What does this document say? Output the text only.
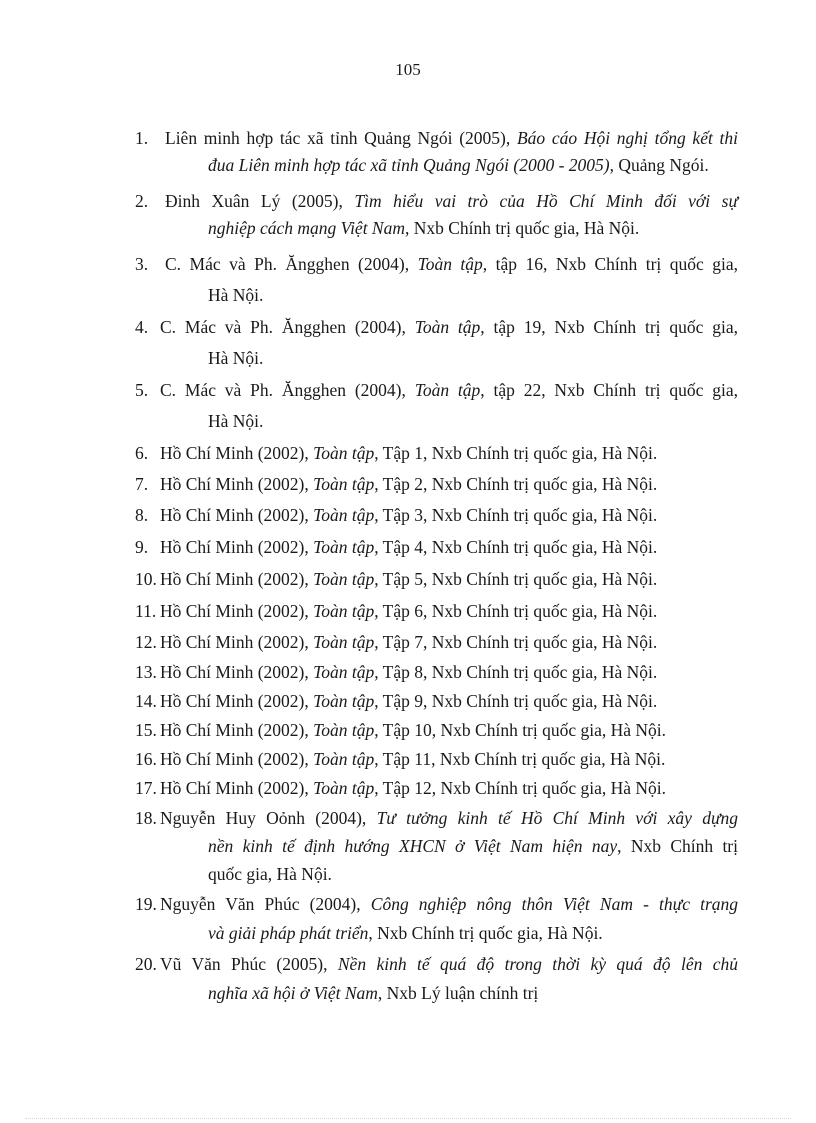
105
1. Liên minh hợp tác xã tỉnh Quảng Ngói (2005), Báo cáo Hội nghị tổng kết thi
đua Liên minh hợp tác xã tỉnh Quảng Ngói (2000 - 2005), Quảng Ngói.
2. Đinh Xuân Lý (2005), Tìm hiểu vai trò của Hồ Chí Minh đối với sự
nghiệp cách mạng Việt Nam, Nxb Chính trị quốc gia, Hà Nội.
3. C. Mác và Ph. Ăngghen (2004), Toàn tập, tập 16, Nxb Chính trị quốc gia,
Hà Nội.
4. C. Mác và Ph. Ăngghen (2004), Toàn tập, tập 19, Nxb Chính trị quốc gia,
Hà Nội.
5. C. Mác và Ph. Ăngghen (2004), Toàn tập, tập 22, Nxb Chính trị quốc gia,
Hà Nội.
6. Hồ Chí Minh (2002), Toàn tập, Tập 1, Nxb Chính trị quốc gia, Hà Nội.
7. Hồ Chí Minh (2002), Toàn tập, Tập 2, Nxb Chính trị quốc gia, Hà Nội.
8. Hồ Chí Minh (2002), Toàn tập, Tập 3, Nxb Chính trị quốc gia, Hà Nội.
9. Hồ Chí Minh (2002), Toàn tập, Tập 4, Nxb Chính trị quốc gia, Hà Nội.
10. Hồ Chí Minh (2002), Toàn tập, Tập 5, Nxb Chính trị quốc gia, Hà Nội.
11. Hồ Chí Minh (2002), Toàn tập, Tập 6, Nxb Chính trị quốc gia, Hà Nội.
12. Hồ Chí Minh (2002), Toàn tập, Tập 7, Nxb Chính trị quốc gia, Hà Nội.
13. Hồ Chí Minh (2002), Toàn tập, Tập 8, Nxb Chính trị quốc gia, Hà Nội.
14. Hồ Chí Minh (2002), Toàn tập, Tập 9, Nxb Chính trị quốc gia, Hà Nội.
15. Hồ Chí Minh (2002), Toàn tập, Tập 10, Nxb Chính trị quốc gia, Hà Nội.
16. Hồ Chí Minh (2002), Toàn tập, Tập 11, Nxb Chính trị quốc gia, Hà Nội.
17. Hồ Chí Minh (2002), Toàn tập, Tập 12, Nxb Chính trị quốc gia, Hà Nội.
18. Nguyễn Huy Oỏnh (2004), Tư tưởng kinh tế Hồ Chí Minh với xây dựng
nền kinh tế định hướng XHCN ở Việt Nam hiện nay, Nxb Chính trị
quốc gia, Hà Nội.
19. Nguyễn Văn Phúc (2004), Công nghiệp nông thôn Việt Nam - thực trạng
và giải pháp phát triển, Nxb Chính trị quốc gia, Hà Nội.
20. Vũ Văn Phúc (2005), Nền kinh tế quá độ trong thời kỳ quá độ lên chủ
nghĩa xã hội ở Việt Nam, Nxb Lý luận chính trị
